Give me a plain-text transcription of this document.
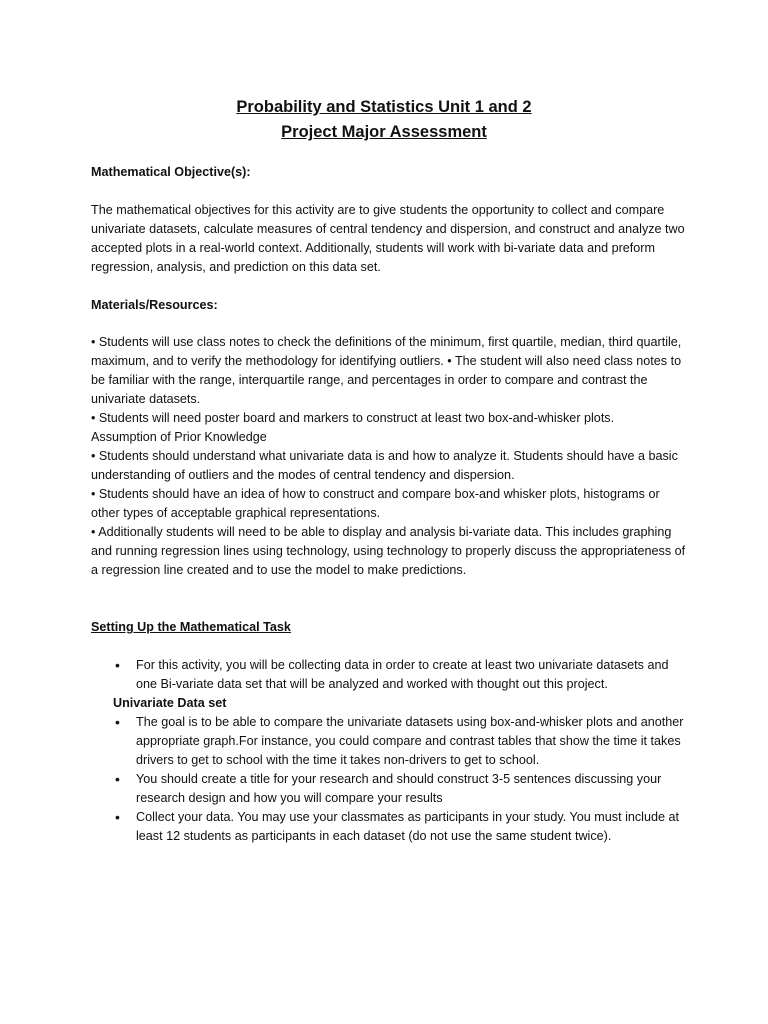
Probability and Statistics Unit 1 and 2
Project Major Assessment
Mathematical Objective(s):

The mathematical objectives for this activity are to give students the opportunity to collect and compare univariate datasets, calculate measures of central tendency and dispersion, and construct and analyze two accepted plots in a real-world context. Additionally, students will work with bi-variate data and preform regression, analysis, and prediction on this data set.

Materials/Resources:

• Students will use class notes to check the definitions of the minimum, first quartile, median, third quartile, maximum, and to verify the methodology for identifying outliers. • The student will also need class notes to be familiar with the range, interquartile range, and percentages in order to compare and contrast the univariate datasets.

• Students will need poster board and markers to construct at least two box-and-whisker plots.

Assumption of Prior Knowledge

• Students should understand what univariate data is and how to analyze it. Students should have a basic understanding of outliers and the modes of central tendency and dispersion.

• Students should have an idea of how to construct and compare box-and whisker plots, histograms or other types of acceptable graphical representations.

• Additionally students will need to be able to display and analysis bi-variate data. This includes graphing and running regression lines using technology, using technology to properly discuss the appropriateness of a regression line created and to use the model to make predictions.

Setting Up the Mathematical Task
• For this activity, you will be collecting data in order to create at least two univariate datasets and one Bi-variate data set that will be analyzed and worked with thought out this project.
Univariate Data set
• The goal is to be able to compare the univariate datasets using box-and-whisker plots and another appropriate graph.For instance, you could compare and contrast tables that show the time it takes drivers to get to school with the time it takes non-drivers to get to school.
• You should create a title for your research and should construct 3-5 sentences discussing your research design and how you will compare your results
• Collect your data. You may use your classmates as participants in your study. You must include at least 12 students as participants in each dataset (do not use the same student twice).
